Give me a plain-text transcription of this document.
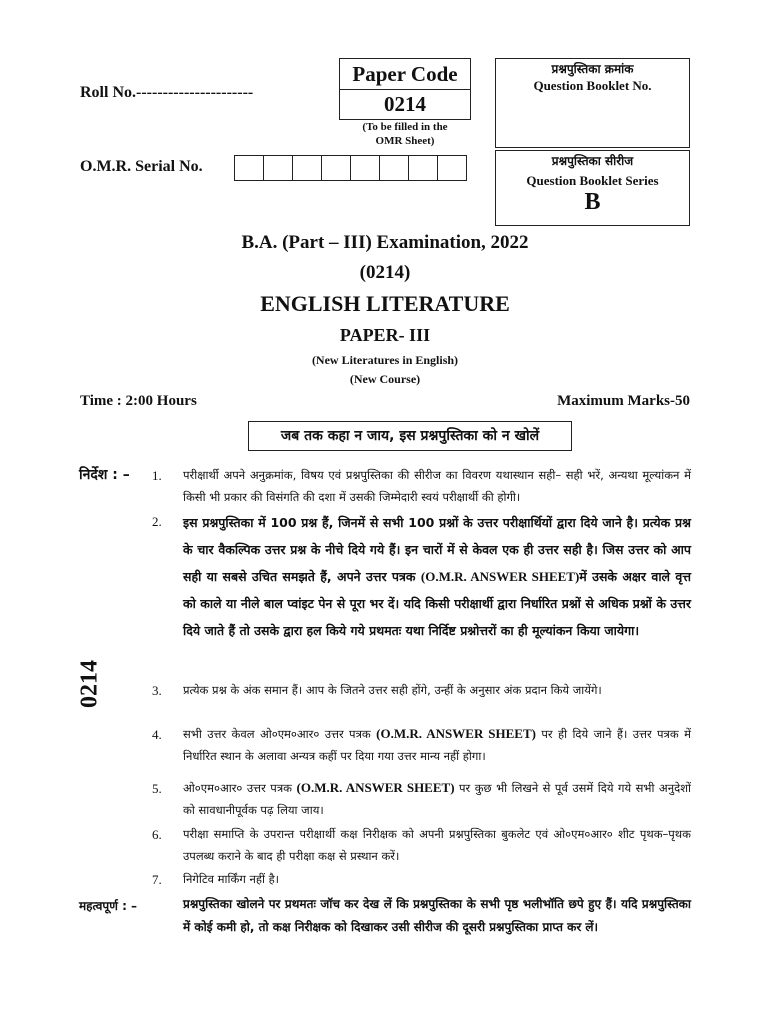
Roll No.----------------------
Paper Code
0214
(To be filled in the
OMR Sheet)
प्रश्नपुस्तिका क्रमांक
Question Booklet No.
O.M.R. Serial No.	प्रश्नपुस्तिका सीरीज
Question Booklet Series
B
B.A. (Part – III) Examination, 2022
(0214)
ENGLISH LITERATURE
PAPER- III
(New Literatures in English)
(New Course)
Time : 2:00 Hours	Maximum Marks-50
जब तक कहा न जाय, इस प्रश्नपुस्तिका को न खोलें
0214
निर्देश : – 1. परीक्षार्थी अपने अनुक्रमांक, विषय एवं प्रश्नपुस्तिका की सीरीज का विवरण यथास्थान सही– सही भरें, अन्यथा मूल्यांकन में किसी भी प्रकार की विसंगति की दशा में उसकी जिम्मेदारी स्वयं परीक्षार्थी की होगी।
2. इस प्रश्नपुस्तिका में 100 प्रश्न हैं, जिनमें से सभी 100 प्रश्नों के उत्तर परीक्षार्थियों द्वारा दिये जाने है। प्रत्येक प्रश्न के चार वैकल्पिक उत्तर प्रश्न के नीचे दिये गये हैं। इन चारों में से केवल एक ही उत्तर सही है। जिस उत्तर को आप सही या सबसे उचित समझते हैं, अपने उत्तर पत्रक (O.M.R. ANSWER SHEET)में उसके अक्षर वाले वृत्त को काले या नीले बाल प्वांइट पेन से पूरा भर दें। यदि किसी परीक्षार्थी द्वारा निर्धारित प्रश्नों से अधिक प्रश्नों के उत्तर दिये जाते हैं तो उसके द्वारा हल किये गये प्रथमतः यथा निर्दिष्ट प्रश्नोत्तरों का ही मूल्यांकन किया जायेगा।
3. प्रत्येक प्रश्न के अंक समान हैं। आप के जितने उत्तर सही होंगे, उन्हीं के अनुसार अंक प्रदान किये जायेंगे।
4. सभी उत्तर केवल ओ०एम०आर० उत्तर पत्रक (O.M.R. ANSWER SHEET) पर ही दिये जाने हैं। उत्तर पत्रक में निर्धारित स्थान के अलावा अन्यत्र कहीं पर दिया गया उत्तर मान्य नहीं होगा।
5. ओ०एम०आर० उत्तर पत्रक (O.M.R. ANSWER SHEET) पर कुछ भी लिखने से पूर्व उसमें दिये गये सभी अनुदेशों को सावधानीपूर्वक पढ़ लिया जाय।
6. परीक्षा समाप्ति के उपरान्त परीक्षार्थी कक्ष निरीक्षक को अपनी प्रश्नपुस्तिका बुकलेट एवं ओ०एम०आर० शीट पृथक–पृथक उपलब्ध कराने के बाद ही परीक्षा कक्ष से प्रस्थान करें।
7. निगेटिव मार्किंग नहीं है।
महत्वपूर्ण : –	प्रश्नपुस्तिका खोलने पर प्रथमतः जॉच कर देख लें कि प्रश्नपुस्तिका के सभी पृष्ठ भलीभॉति छपे हुए हैं। यदि प्रश्नपुस्तिका में कोई कमी हो, तो कक्ष निरीक्षक को दिखाकर उसी सीरीज की दूसरी प्रश्नपुस्तिका प्राप्त कर लें।
